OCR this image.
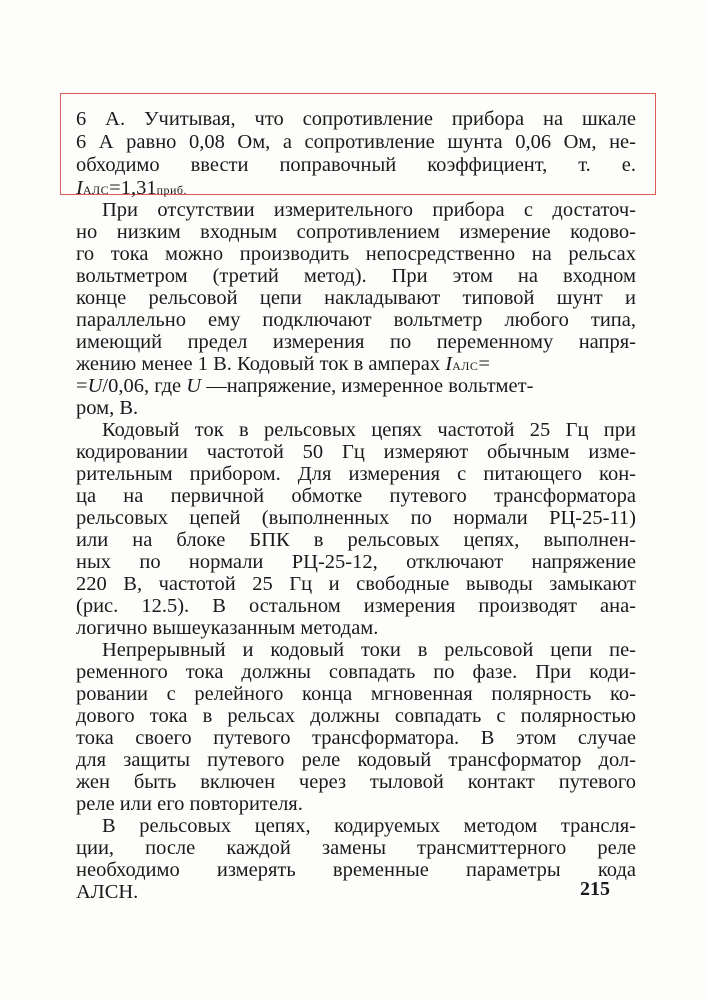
6 А. Учитывая, что сопротивление прибора на шкале
6 А равно 0,08 Ом, а сопротивление шунта 0,06 Ом, не-
обходимо ввести поправочный коэффициент, т. е.
IАЛС=1,31приб.
При отсутствии измерительного прибора с достаточ-
но низким входным сопротивлением измерение кодово-
го тока можно производить непосредственно на рельсах
вольтметром (третий метод). При этом на входном
конце рельсовой цепи накладывают типовой шунт и
параллельно ему подключают вольтметр любого типа,
имеющий предел измерения по переменному напря-
жению менее 1 В. Кодовый ток в амперах IАЛС=
=U/0,06, где U —напряжение, измеренное вольтмет-
ром, В.
Кодовый ток в рельсовых цепях частотой 25 Гц при
кодировании частотой 50 Гц измеряют обычным изме-
рительным прибором. Для измерения с питающего кон-
ца на первичной обмотке путевого трансформатора
рельсовых цепей (выполненных по нормали РЦ-25-11)
или на блоке БПК в рельсовых цепях, выполнен-
ных по нормали РЦ-25-12, отключают напряжение
220 В, частотой 25 Гц и свободные выводы замыкают
(рис. 12.5). В остальном измерения производят ана-
логично вышеуказанным методам.
Непрерывный и кодовый токи в рельсовой цепи пе-
ременного тока должны совпадать по фазе. При коди-
ровании с релейного конца мгновенная полярность ко-
дового тока в рельсах должны совпадать с полярностью
тока своего путевого трансформатора. В этом случае
для защиты путевого реле кодовый трансформатор дол-
жен быть включен через тыловой контакт путевого
реле или его повторителя.
В рельсовых цепях, кодируемых методом трансля-
ции, после каждой замены трансмиттерного реле
необходимо измерять временные параметры кода
АЛСН.	215
